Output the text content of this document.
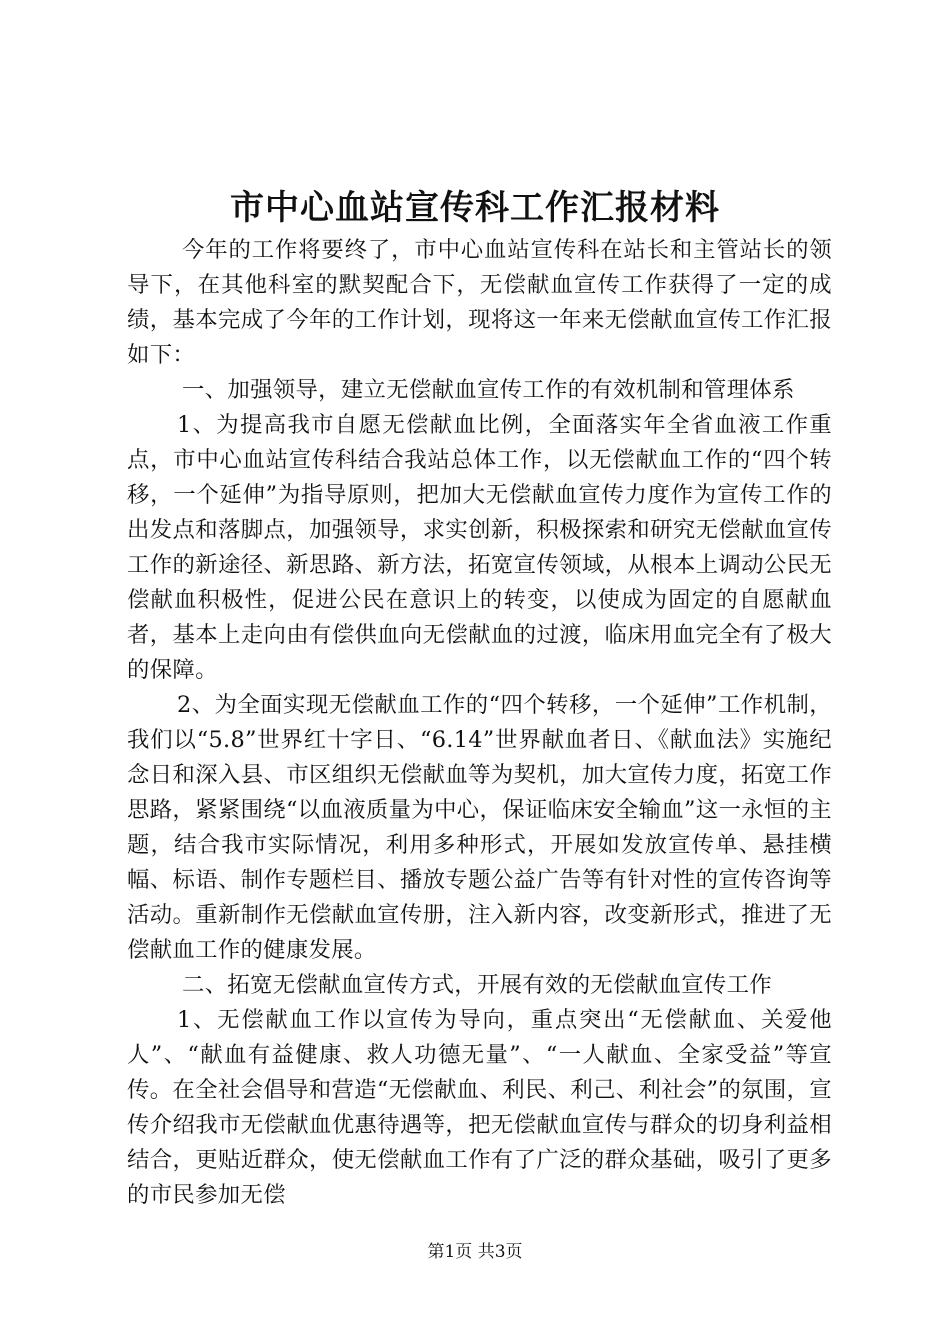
市中心血站宣传科工作汇报材料

今年的工作将要终了，市中心血站宣传科在站长和主管站长的领导下，在其他科室的默契配合下，无偿献血宣传工作获得了一定的成绩，基本完成了今年的工作计划，现将这一年来无偿献血宣传工作汇报如下：

一、加强领导，建立无偿献血宣传工作的有效机制和管理体系

1、为提高我市自愿无偿献血比例，全面落实年全省血液工作重点，市中心血站宣传科结合我站总体工作，以无偿献血工作的“四个转移，一个延伸”为指导原则，把加大无偿献血宣传力度作为宣传工作的出发点和落脚点，加强领导，求实创新，积极探索和研究无偿献血宣传工作的新途径、新思路、新方法，拓宽宣传领域，从根本上调动公民无偿献血积极性，促进公民在意识上的转变，以使成为固定的自愿献血者，基本上走向由有偿供血向无偿献血的过渡，临床用血完全有了极大的保障。

2、为全面实现无偿献血工作的“四个转移，一个延伸”工作机制，我们以“5.8”世界红十字日、“6.14”世界献血者日、《献血法》实施纪念日和深入县、市区组织无偿献血等为契机，加大宣传力度，拓宽工作思路，紧紧围绕“以血液质量为中心，保证临床安全输血”这一永恒的主题，结合我市实际情况，利用多种形式，开展如发放宣传单、悬挂横幅、标语、制作专题栏目、播放专题公益广告等有针对性的宣传咨询等活动。重新制作无偿献血宣传册，注入新内容，改变新形式，推进了无偿献血工作的健康发展。

二、拓宽无偿献血宣传方式，开展有效的无偿献血宣传工作

1、无偿献血工作以宣传为导向，重点突出“无偿献血、关爱他人”、“献血有益健康、救人功德无量”、“一人献血、全家受益”等宣传。在全社会倡导和营造“无偿献血、利民、利己、利社会”的氛围，宣传介绍我市无偿献血优惠待遇等，把无偿献血宣传与群众的切身利益相结合，更贴近群众，使无偿献血工作有了广泛的群众基础，吸引了更多的市民参加无偿

第1页 共3页
